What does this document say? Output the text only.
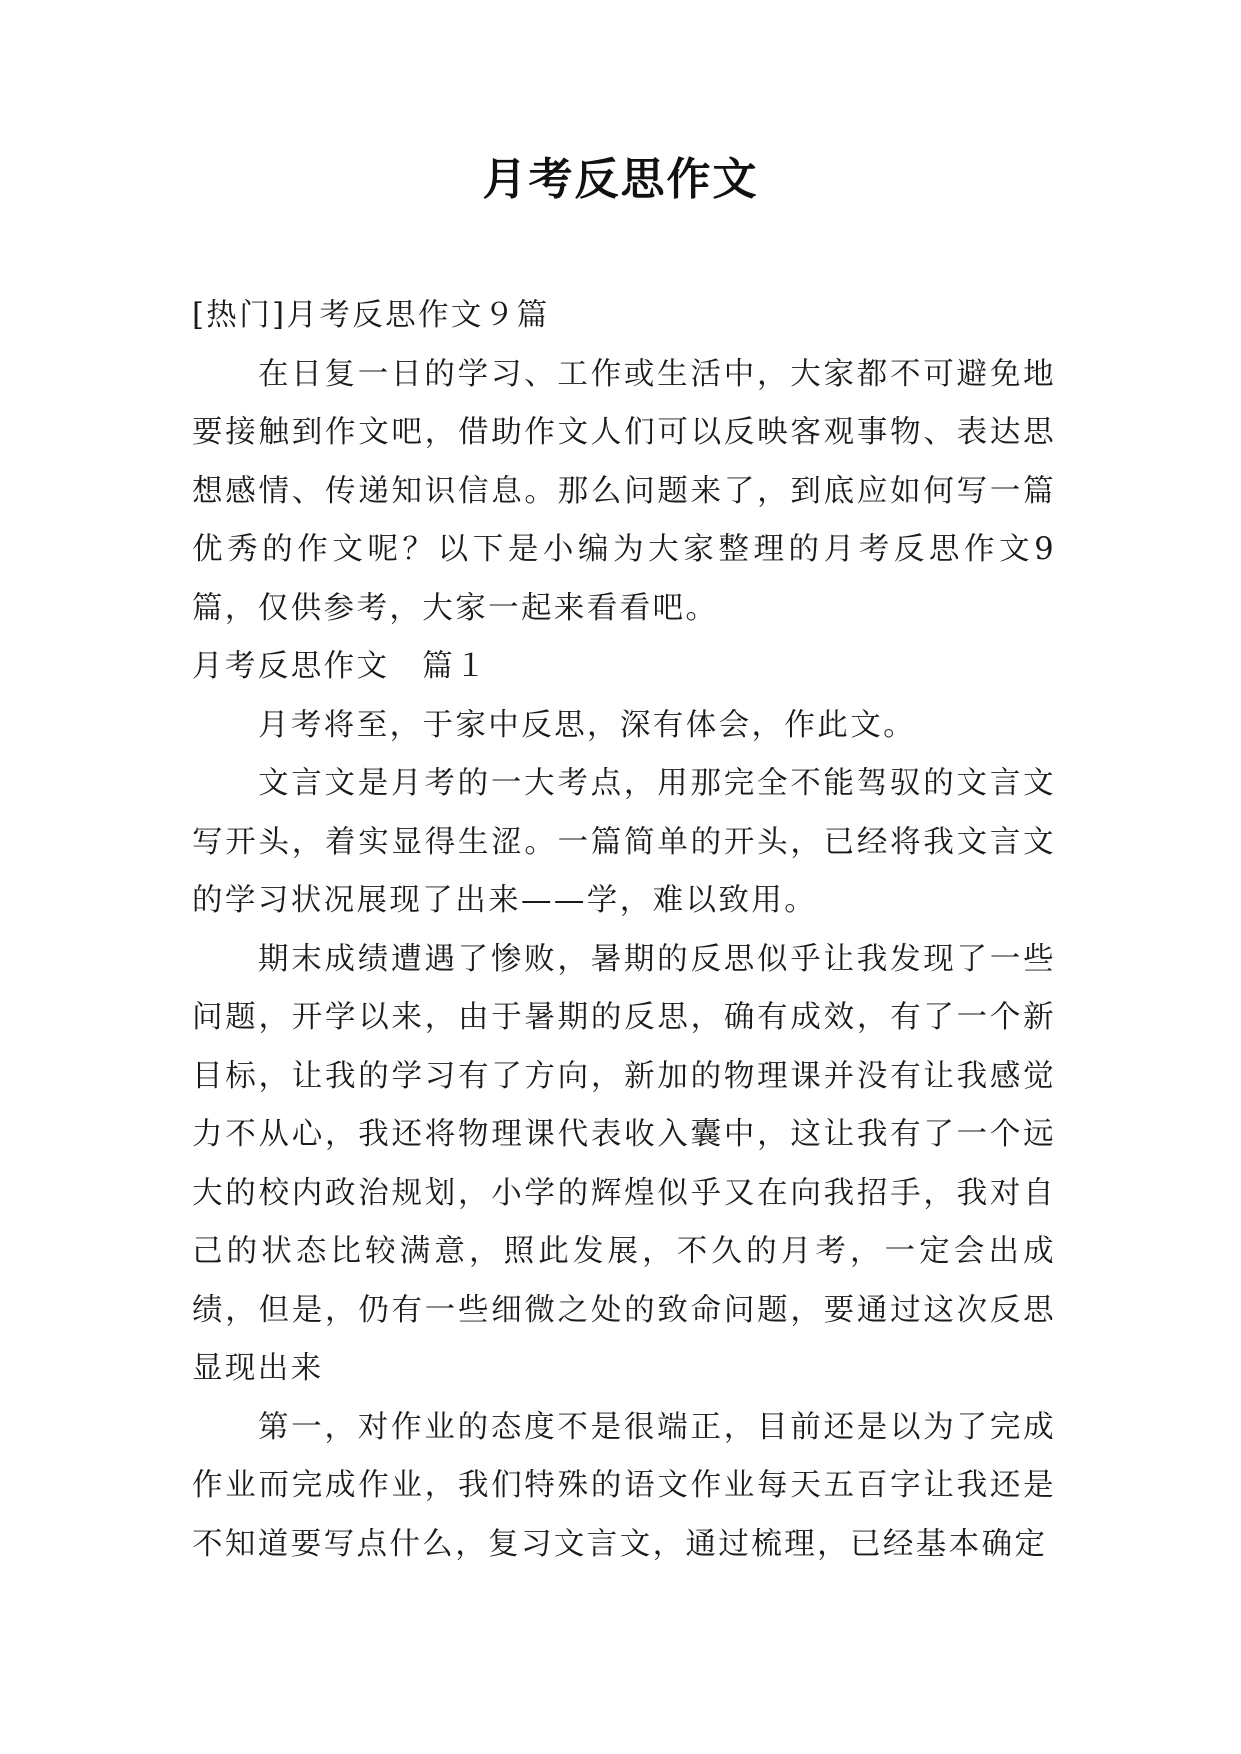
月考反思作文

[热门]月考反思作文９篇

在日复一日的学习、工作或生活中，大家都不可避免地要接触到作文吧，借助作文人们可以反映客观事物、表达思想感情、传递知识信息。那么问题来了，到底应如何写一篇优秀的作文呢？以下是小编为大家整理的月考反思作文9篇，仅供参考，大家一起来看看吧。

月考反思作文　篇１

月考将至，于家中反思，深有体会，作此文。

文言文是月考的一大考点，用那完全不能驾驭的文言文写开头，着实显得生涩。一篇简单的开头，已经将我文言文的学习状况展现了出来——学，难以致用。

期末成绩遭遇了惨败，暑期的反思似乎让我发现了一些问题，开学以来，由于暑期的反思，确有成效，有了一个新目标，让我的学习有了方向，新加的物理课并没有让我感觉力不从心，我还将物理课代表收入囊中，这让我有了一个远大的校内政治规划，小学的辉煌似乎又在向我招手，我对自己的状态比较满意，照此发展，不久的月考，一定会出成绩，但是，仍有一些细微之处的致命问题，要通过这次反思显现出来

第一，对作业的态度不是很端正，目前还是以为了完成作业而完成作业，我们特殊的语文作业每天五百字让我还是不知道要写点什么，复习文言文，通过梳理，已经基本确定
